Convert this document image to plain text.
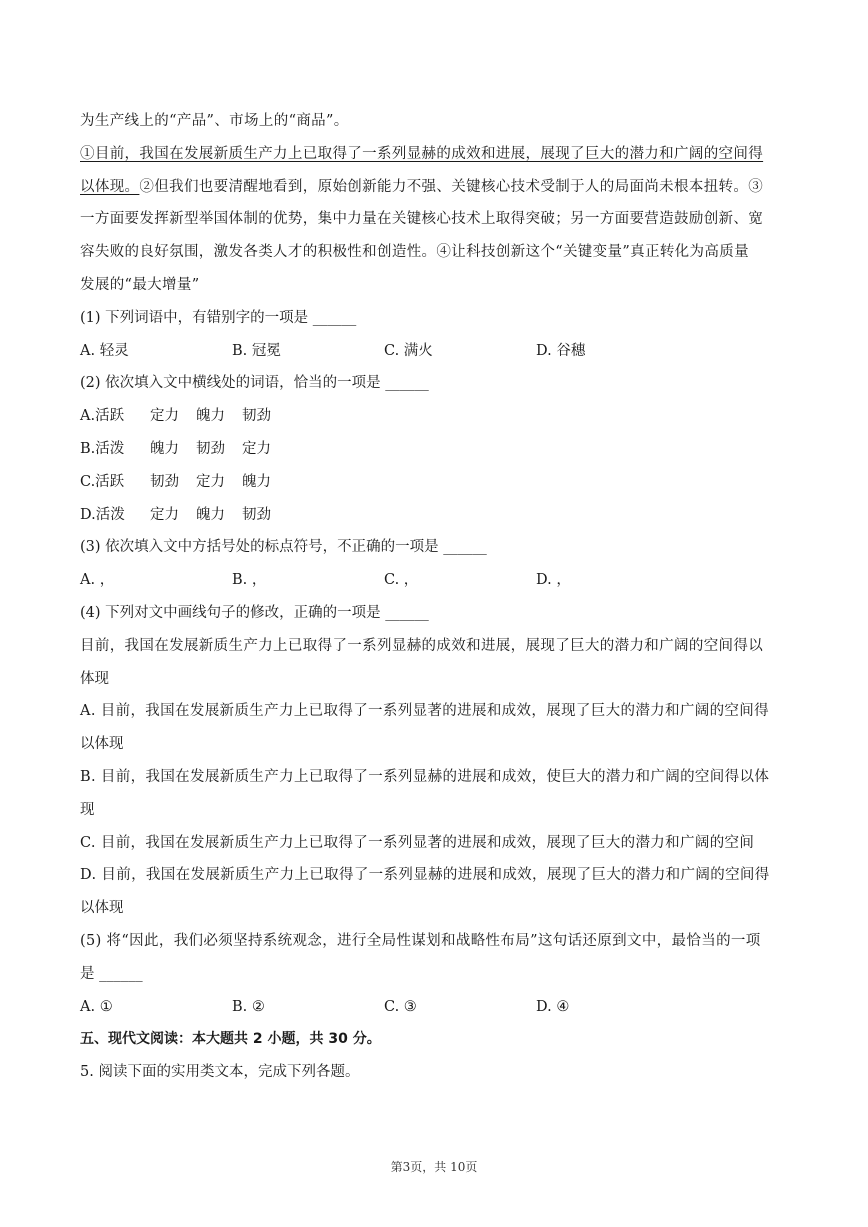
为生产线上的“产品”、市场上的“商品”。
①目前，我国在发展新质生产力上已取得了一系列显赫的成效和进展，展现了巨大的潜力和广阔的空间得
以体现。②但我们也要清醒地看到，原始创新能力不强、关键核心技术受制于人的局面尚未根本扭转。③
一方面要发挥新型举国体制的优势，集中力量在关键核心技术上取得突破；另一方面要营造鼓励创新、宽
容失败的良好氛围，激发各类人才的积极性和创造性。④让科技创新这个“关键变量”真正转化为高质量
发展的“最大增量”
(1) 下列词语中，有错别字的一项是 ______
A. 轻灵	B. 冠冕	C. 满火	D. 谷穗
(2) 依次填入文中横线处的词语，恰当的一项是 ______
A.活跃	定力	魄力	韧劲
B.活泼	魄力	韧劲	定力
C.活跃	韧劲	定力	魄力
D.活泼	定力	魄力	韧劲
(3) 依次填入文中方括号处的标点符号，不正确的一项是 ______
A. ，	B. ，	C. ，	D. ，
(4) 下列对文中画线句子的修改，正确的一项是 ______
目前，我国在发展新质生产力上已取得了一系列显赫的成效和进展，展现了巨大的潜力和广阔的空间得以
体现
A. 目前，我国在发展新质生产力上已取得了一系列显著的进展和成效，展现了巨大的潜力和广阔的空间得
以体现
B. 目前，我国在发展新质生产力上已取得了一系列显赫的进展和成效，使巨大的潜力和广阔的空间得以体
现
C. 目前，我国在发展新质生产力上已取得了一系列显著的进展和成效，展现了巨大的潜力和广阔的空间
D. 目前，我国在发展新质生产力上已取得了一系列显赫的进展和成效，展现了巨大的潜力和广阔的空间得
以体现
(5) 将“因此，我们必须坚持系统观念，进行全局性谋划和战略性布局”这句话还原到文中，最恰当的一项
是 ______
A. ①	B. ②	C. ③	D. ④
五、现代文阅读：本大题共 2 小题，共 30 分。
5. 阅读下面的实用类文本，完成下列各题。
第3页，共 10页
